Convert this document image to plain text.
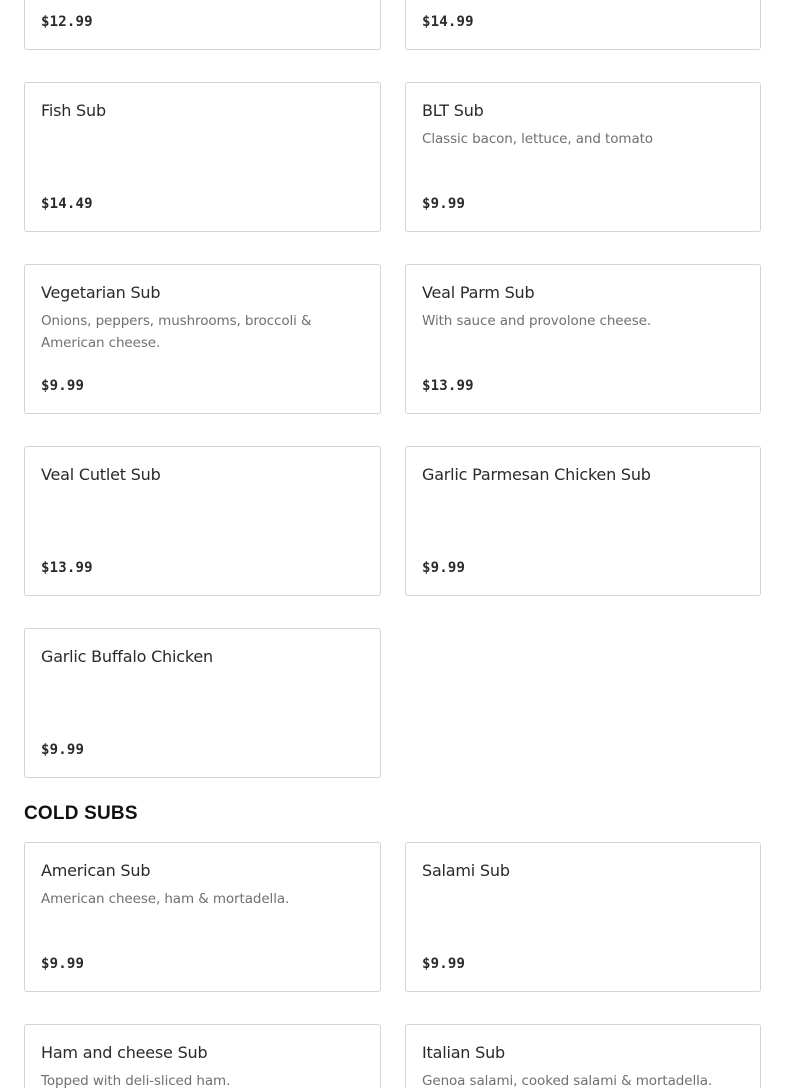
$12.99	$14.99
Fish Sub
$14.49
BLT Sub
Classic bacon, lettuce, and tomato
$9.99
Vegetarian Sub
Onions, peppers, mushrooms, broccoli & American cheese.
$9.99
Veal Parm Sub
With sauce and provolone cheese.
$13.99
Veal Cutlet Sub
$13.99
Garlic Parmesan Chicken Sub
$9.99
Garlic Buffalo Chicken
$9.99
COLD SUBS
American Sub
American cheese, ham & mortadella.
$9.99
Salami Sub
$9.99
Ham and cheese Sub
Topped with deli-sliced ham.
Italian Sub
Genoa salami, cooked salami & mortadella.
